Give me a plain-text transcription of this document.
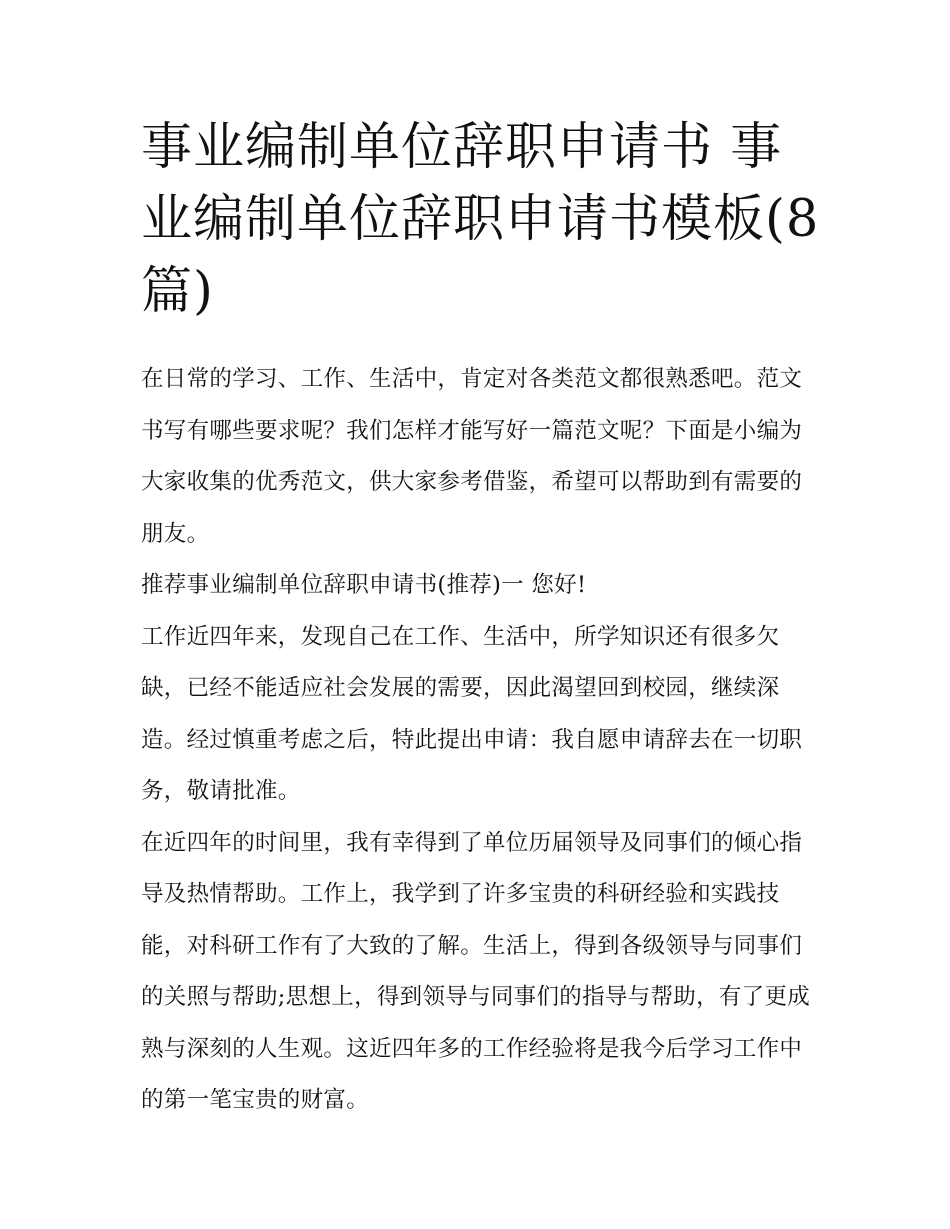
事业编制单位辞职申请书 事业编制单位辞职申请书模板(8篇)

在日常的学习、工作、生活中，肯定对各类范文都很熟悉吧。范文书写有哪些要求呢？我们怎样才能写好一篇范文呢？下面是小编为大家收集的优秀范文，供大家参考借鉴，希望可以帮助到有需要的朋友。

推荐事业编制单位辞职申请书(推荐)一 您好!

工作近四年来，发现自己在工作、生活中，所学知识还有很多欠缺，已经不能适应社会发展的需要，因此渴望回到校园，继续深造。经过慎重考虑之后，特此提出申请：我自愿申请辞去在一切职务，敬请批准。

在近四年的时间里，我有幸得到了单位历届领导及同事们的倾心指导及热情帮助。工作上，我学到了许多宝贵的科研经验和实践技能，对科研工作有了大致的了解。生活上，得到各级领导与同事们的关照与帮助;思想上，得到领导与同事们的指导与帮助，有了更成熟与深刻的人生观。这近四年多的工作经验将是我今后学习工作中的第一笔宝贵的财富。
